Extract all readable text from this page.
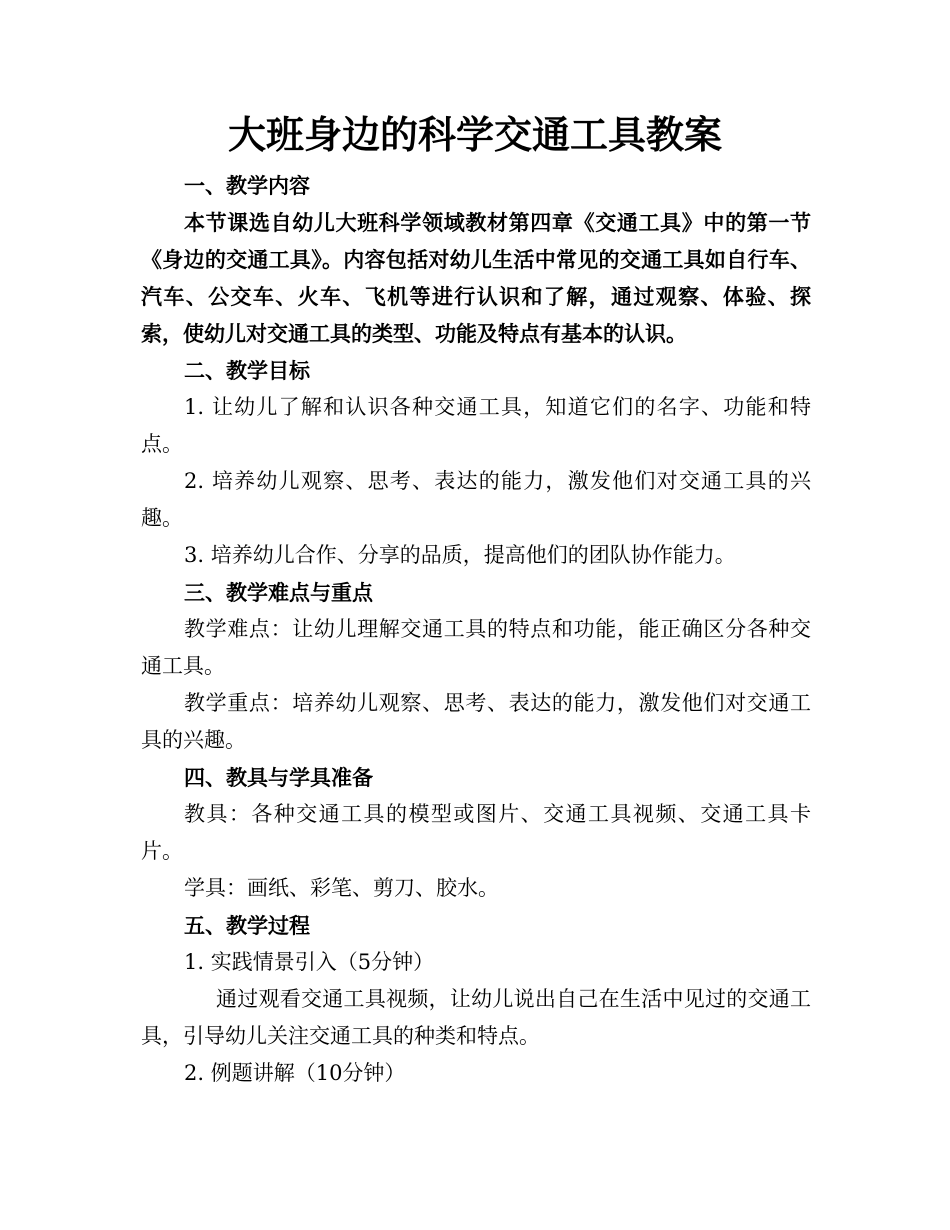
大班身边的科学交通工具教案

一、教学内容

本节课选自幼儿大班科学领域教材第四章《交通工具》中的第一节《身边的交通工具》。内容包括对幼儿生活中常见的交通工具如自行车、汽车、公交车、火车、飞机等进行认识和了解，通过观察、体验、探索，使幼儿对交通工具的类型、功能及特点有基本的认识。

二、教学目标

1. 让幼儿了解和认识各种交通工具，知道它们的名字、功能和特点。

2. 培养幼儿观察、思考、表达的能力，激发他们对交通工具的兴趣。

3. 培养幼儿合作、分享的品质，提高他们的团队协作能力。

三、教学难点与重点

教学难点：让幼儿理解交通工具的特点和功能，能正确区分各种交通工具。

教学重点：培养幼儿观察、思考、表达的能力，激发他们对交通工具的兴趣。

四、教具与学具准备

教具：各种交通工具的模型或图片、交通工具视频、交通工具卡片。

学具：画纸、彩笔、剪刀、胶水。

五、教学过程

1. 实践情景引入（5分钟）

通过观看交通工具视频，让幼儿说出自己在生活中见过的交通工具，引导幼儿关注交通工具的种类和特点。

2. 例题讲解（10分钟）
